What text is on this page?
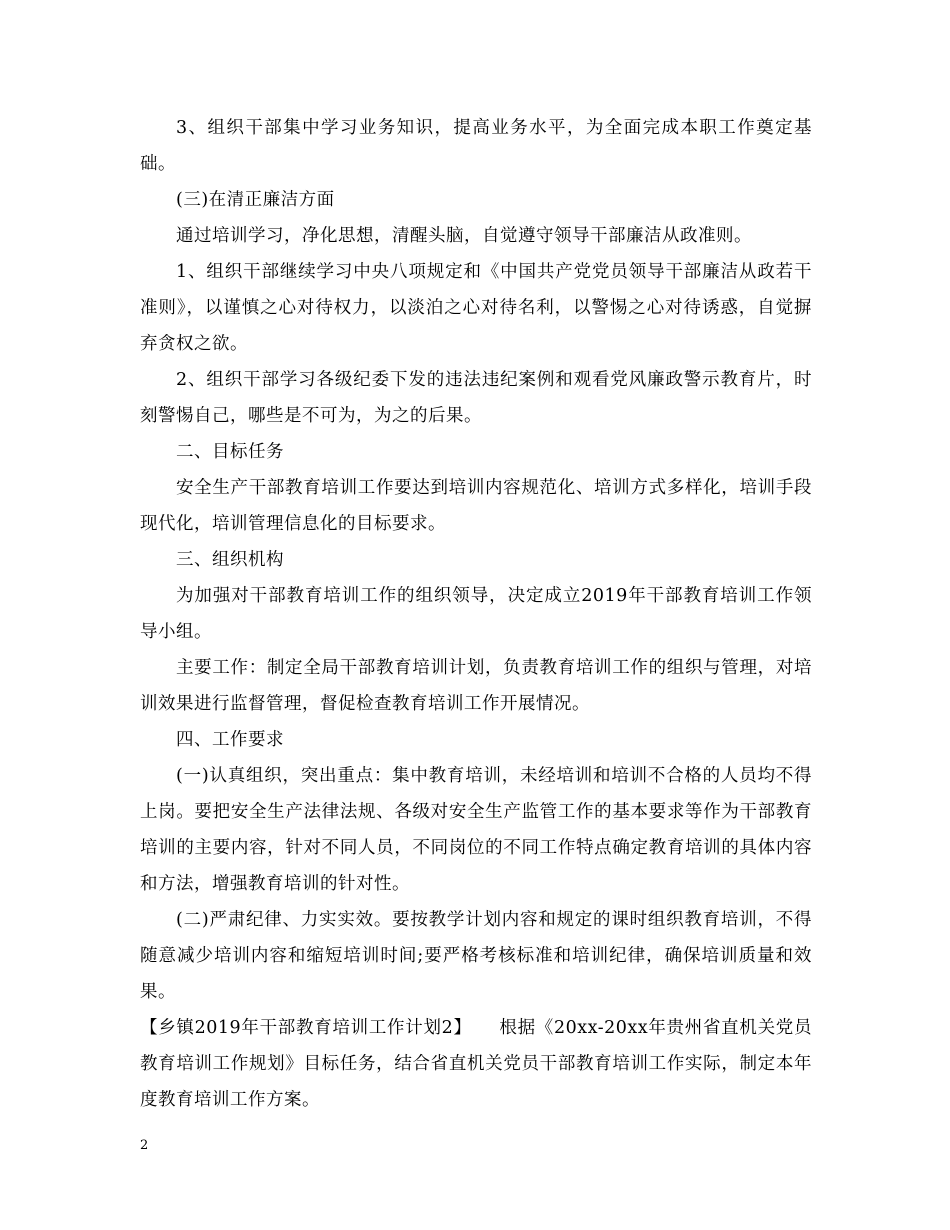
3、组织干部集中学习业务知识，提高业务水平，为全面完成本职工作奠定基础。

(三)在清正廉洁方面

通过培训学习，净化思想，清醒头脑，自觉遵守领导干部廉洁从政准则。

1、组织干部继续学习中央八项规定和《中国共产党党员领导干部廉洁从政若干准则》，以谨慎之心对待权力，以淡泊之心对待名利，以警惕之心对待诱惑，自觉摒弃贪权之欲。

2、组织干部学习各级纪委下发的违法违纪案例和观看党风廉政警示教育片，时刻警惕自己，哪些是不可为，为之的后果。

二、目标任务

安全生产干部教育培训工作要达到培训内容规范化、培训方式多样化，培训手段现代化，培训管理信息化的目标要求。

三、组织机构

为加强对干部教育培训工作的组织领导，决定成立2019年干部教育培训工作领导小组。

主要工作：制定全局干部教育培训计划，负责教育培训工作的组织与管理，对培训效果进行监督管理，督促检查教育培训工作开展情况。

四、工作要求

(一)认真组织，突出重点：集中教育培训，未经培训和培训不合格的人员均不得上岗。要把安全生产法律法规、各级对安全生产监管工作的基本要求等作为干部教育培训的主要内容，针对不同人员，不同岗位的不同工作特点确定教育培训的具体内容和方法，增强教育培训的针对性。

(二)严肃纪律、力实实效。要按教学计划内容和规定的课时组织教育培训，不得随意减少培训内容和缩短培训时间;要严格考核标准和培训纪律，确保培训质量和效果。

【乡镇2019年干部教育培训工作计划2】　　根据《20xx-20xx年贵州省直机关党员教育培训工作规划》目标任务，结合省直机关党员干部教育培训工作实际，制定本年度教育培训工作方案。

2
